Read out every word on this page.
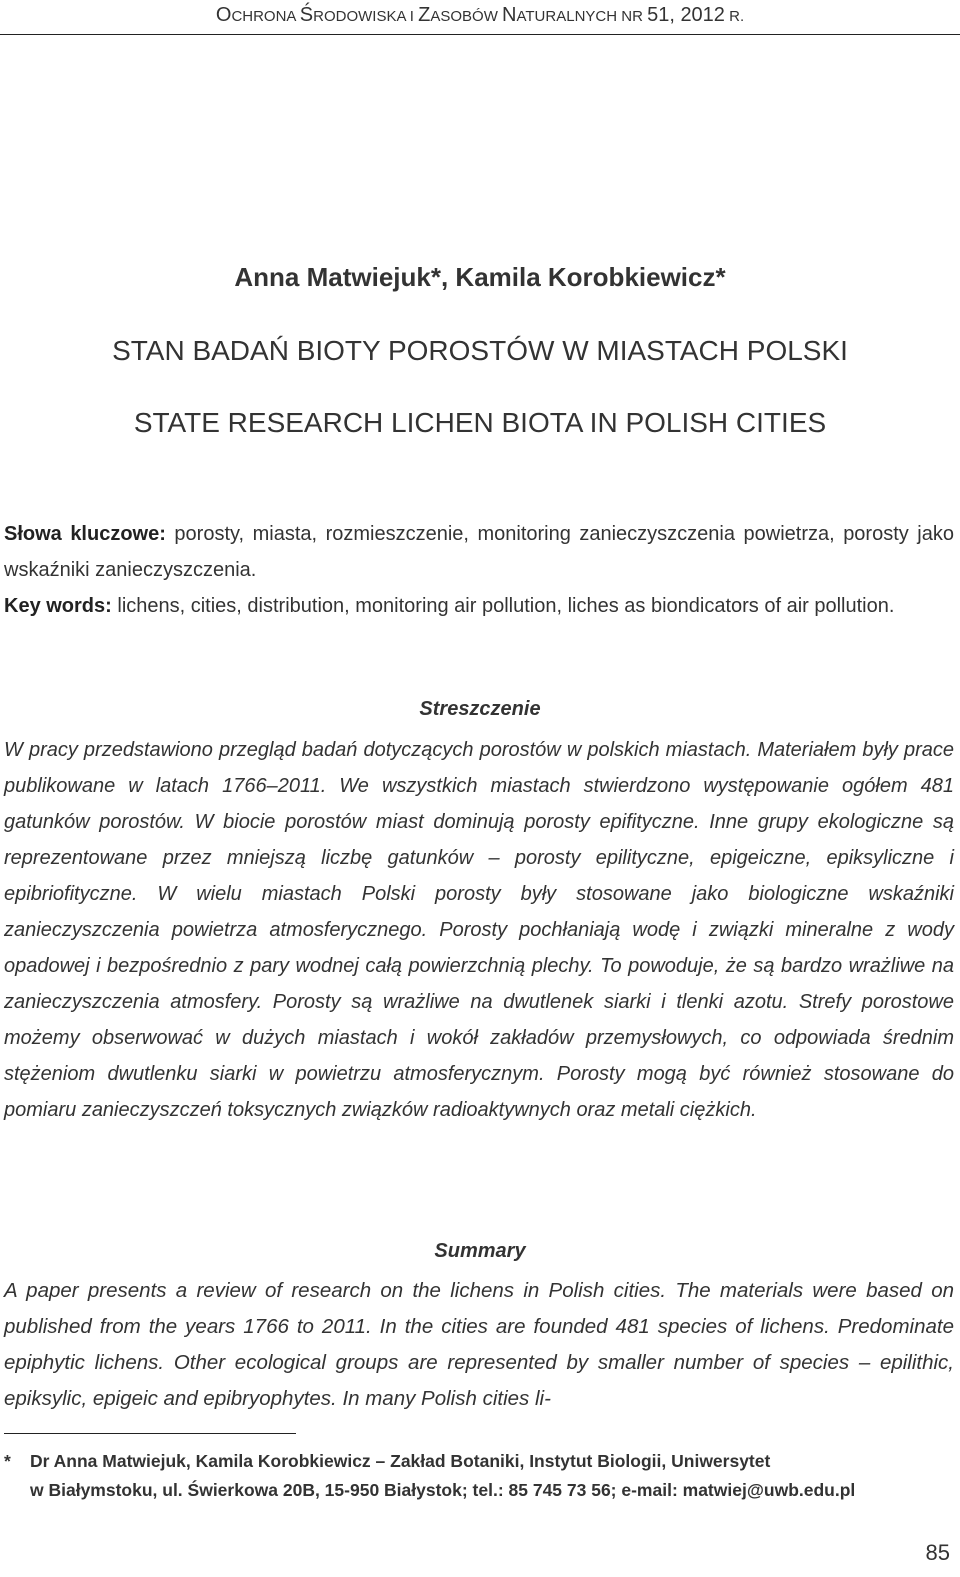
OCHRONA ŚRODOWISKA I ZASOBÓW NATURALNYCH NR 51, 2012 R.
Anna Matwiejuk*, Kamila Korobkiewicz*
STAN BADAŃ BIOTY POROSTÓW W MIASTACH POLSKI
STATE RESEARCH LICHEN BIOTA IN POLISH CITIES
Słowa kluczowe: porosty, miasta, rozmieszczenie, monitoring zanieczyszczenia powietrza, porosty jako wskaźniki zanieczyszczenia.
Key words: lichens, cities, distribution, monitoring air pollution, liches as biondicators of air pollution.
Streszczenie
W pracy przedstawiono przegląd badań dotyczących porostów w polskich miastach. Materiałem były prace publikowane w latach 1766–2011. We wszystkich miastach stwierdzono występowanie ogółem 481 gatunków porostów. W biocie porostów miast dominują porosty epifityczne. Inne grupy ekologiczne są reprezentowane przez mniejszą liczbę gatunków – porosty epilityczne, epigeiczne, epiksyliczne i epibriofityczne. W wielu miastach Polski porosty były stosowane jako biologiczne wskaźniki zanieczyszczenia powietrza atmosferycznego. Porosty pochłaniają wodę i związki mineralne z wody opadowej i bezpośrednio z pary wodnej całą powierzchnią plechy. To powoduje, że są bardzo wrażliwe na zanieczyszczenia atmosfery. Porosty są wrażliwe na dwutlenek siarki i tlenki azotu. Strefy porostowe możemy obserwować w dużych miastach i wokół zakładów przemysłowych, co odpowiada średnim stężeniom dwutlenku siarki w powietrzu atmosferycznym. Porosty mogą być również stosowane do pomiaru zanieczyszczeń toksycznych związków radioaktywnych oraz metali ciężkich.
Summary
A paper presents a review of research on the lichens in Polish cities. The materials were based on published from the years 1766 to 2011. In the cities are founded 481 species of lichens. Predominate epiphytic lichens. Other ecological groups are represented by smaller number of species – epilithic, epiksylic, epigeic and epibryophytes. In many Polish cities li-
* Dr Anna Matwiejuk, Kamila Korobkiewicz – Zakład Botaniki, Instytut Biologii, Uniwersytet
w Białymstoku, ul. Świerkowa 20B, 15-950 Białystok; tel.: 85 745 73 56; e-mail: matwiej@uwb.edu.pl
85
